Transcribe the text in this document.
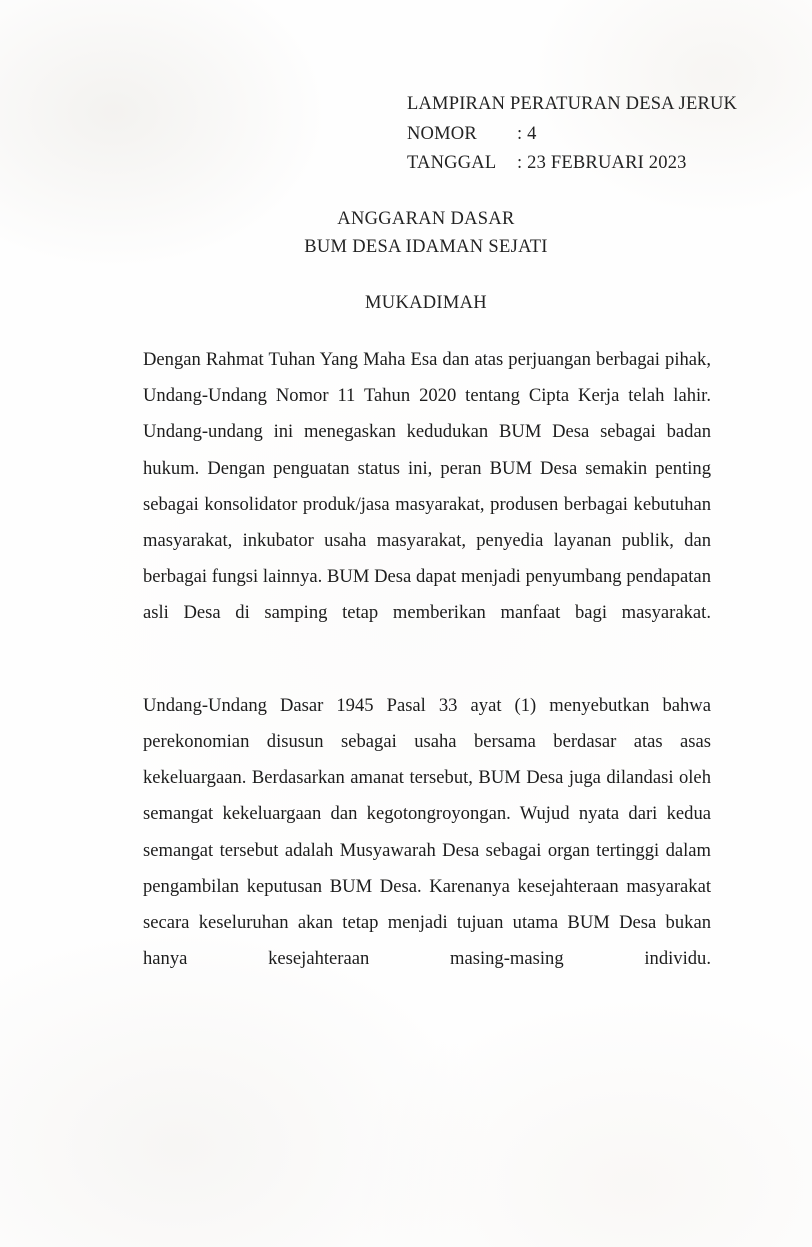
LAMPIRAN PERATURAN DESA JERUK
NOMOR	: 4
TANGGAL	: 23 FEBRUARI 2023
ANGGARAN DASAR
BUM DESA IDAMAN SEJATI
MUKADIMAH

Dengan Rahmat Tuhan Yang Maha Esa dan atas perjuangan berbagai pihak, Undang-Undang Nomor 11 Tahun 2020 tentang Cipta Kerja telah lahir. Undang-undang ini menegaskan kedudukan BUM Desa sebagai badan hukum. Dengan penguatan status ini, peran BUM Desa semakin penting sebagai konsolidator produk/jasa masyarakat, produsen berbagai kebutuhan masyarakat, inkubator usaha masyarakat, penyedia layanan publik, dan berbagai fungsi lainnya. BUM Desa dapat menjadi penyumbang pendapatan asli Desa di samping tetap memberikan manfaat bagi masyarakat.

Undang-Undang Dasar 1945 Pasal 33 ayat (1) menyebutkan bahwa perekonomian disusun sebagai usaha bersama berdasar atas asas kekeluargaan. Berdasarkan amanat tersebut, BUM Desa juga dilandasi oleh semangat kekeluargaan dan kegotongroyongan. Wujud nyata dari kedua semangat tersebut adalah Musyawarah Desa sebagai organ tertinggi dalam pengambilan keputusan BUM Desa. Karenanya kesejahteraan masyarakat secara keseluruhan akan tetap menjadi tujuan utama BUM Desa bukan hanya kesejahteraan masing-masing individu.
